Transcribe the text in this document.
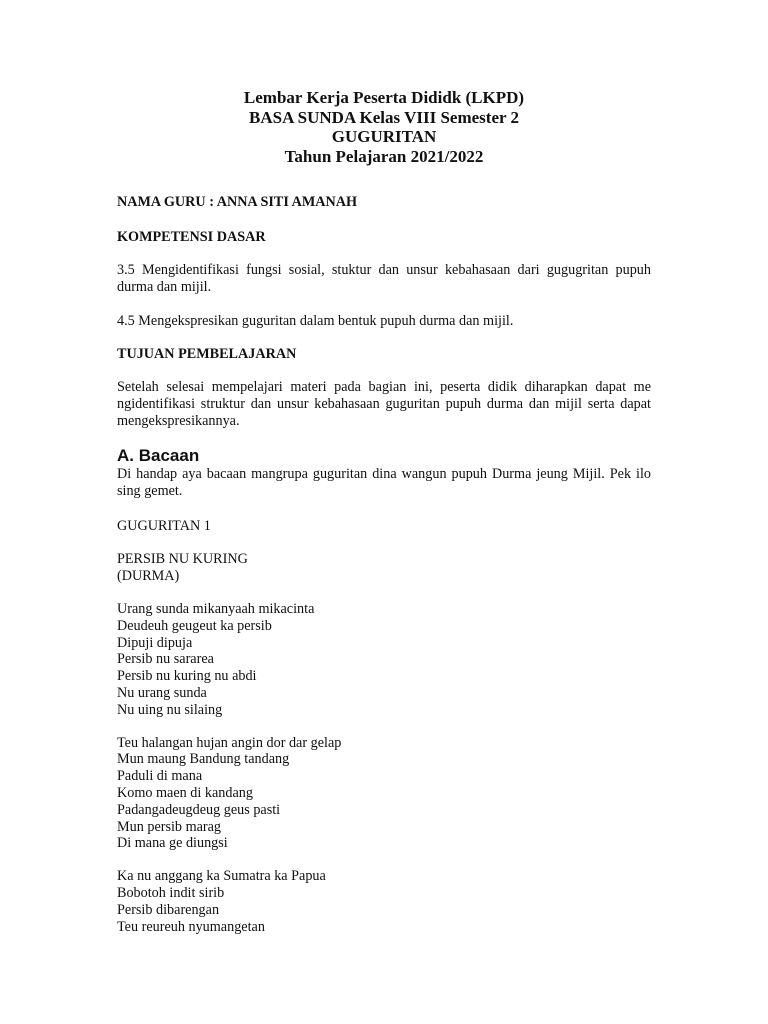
Lembar Kerja Peserta Dididk (LKPD)
BASA SUNDA Kelas VIII Semester 2
GUGURITAN
Tahun Pelajaran 2021/2022

NAMA GURU : ANNA SITI AMANAH

KOMPETENSI DASAR

3.5 Mengidentifikasi fungsi sosial, stuktur dan unsur kebahasaan dari gugugritan pupuh durma dan mijil.

4.5 Mengekspresikan guguritan dalam bentuk pupuh durma dan mijil.

TUJUAN PEMBELAJARAN

Setelah selesai mempelajari materi pada bagian ini, peserta didik diharapkan dapat me ngidentifikasi struktur dan unsur kebahasaan guguritan pupuh durma dan mijil serta dapat mengekspresikannya.

A. Bacaan

Di handap aya bacaan mangrupa guguritan dina wangun pupuh Durma jeung Mijil. Pek ilo sing gemet.

GUGURITAN 1

PERSIB NU KURING

(DURMA)

Urang sunda mikanyaah mikacinta

Deudeuh geugeut ka persib

Dipuji dipuja

Persib nu sararea

Persib nu kuring nu abdi

Nu urang sunda

Nu uing nu silaing

Teu halangan hujan angin dor dar gelap

Mun maung Bandung tandang

Paduli di mana

Komo maen di kandang

Padangadeugdeug geus pasti

Mun persib marag

Di mana ge diungsi

Ka nu anggang ka Sumatra ka Papua

Bobotoh indit sirib

Persib dibarengan

Teu reureuh nyumangetan
